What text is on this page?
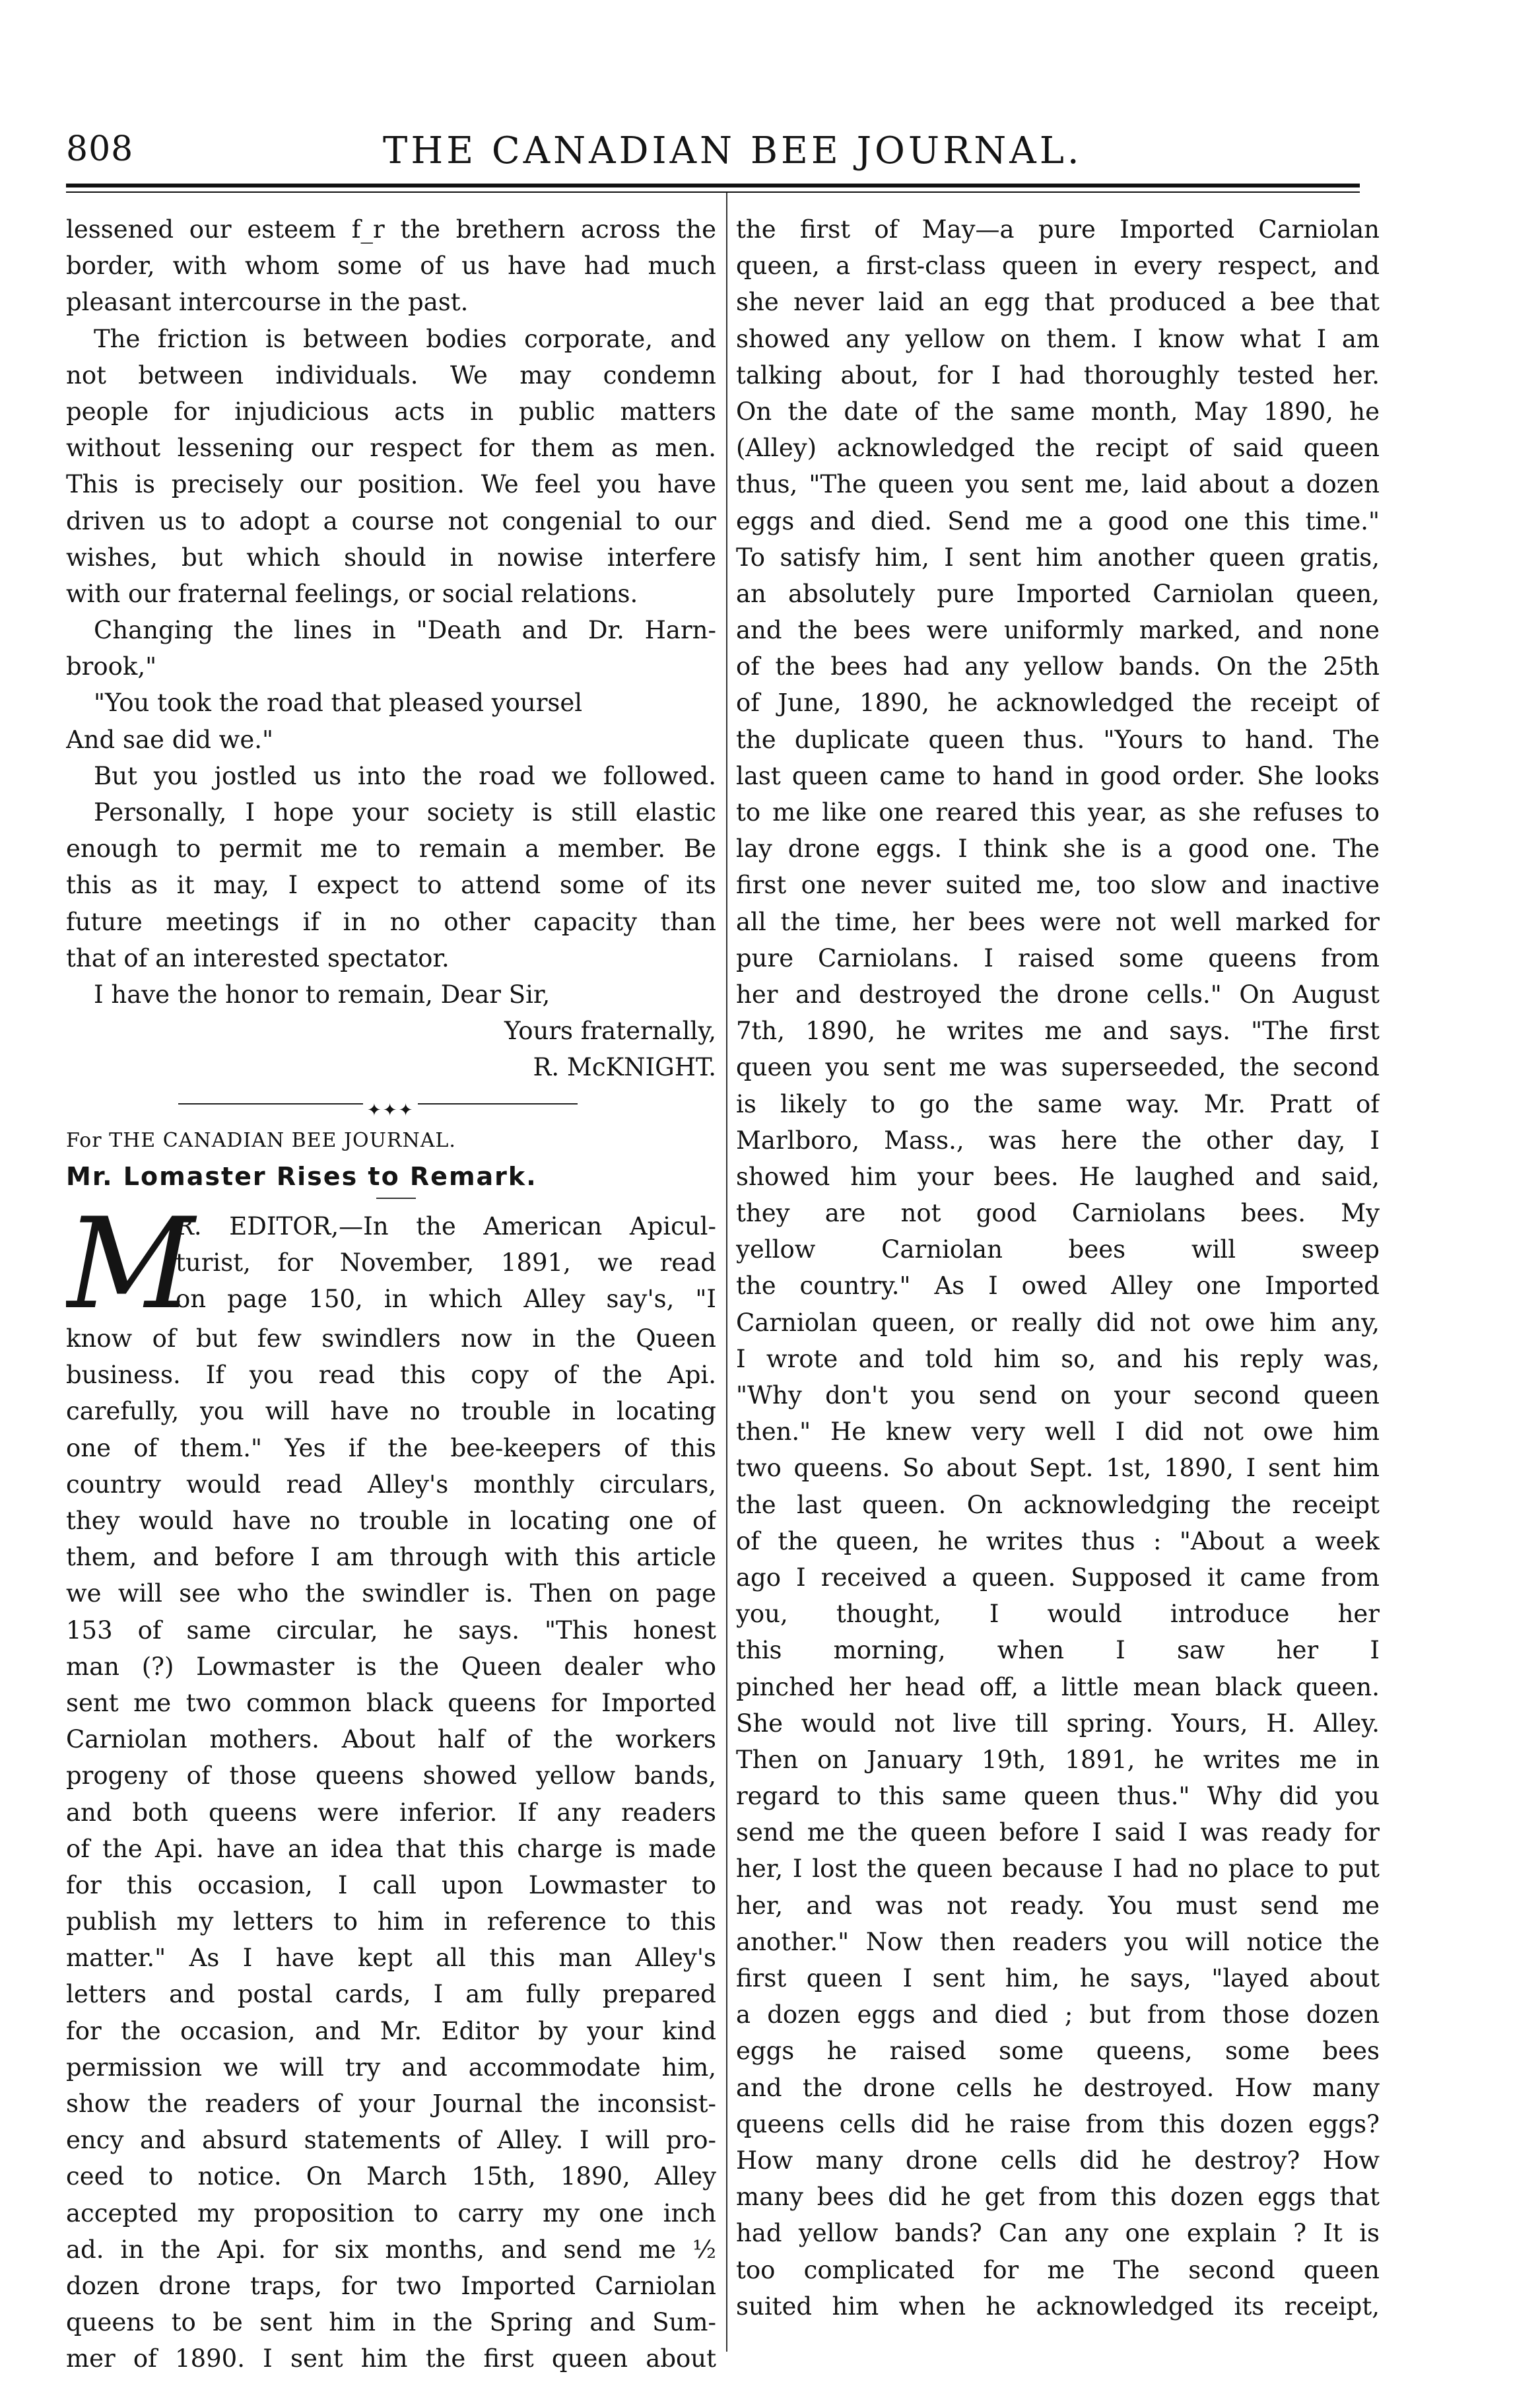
808	THE CANADIAN BEE JOURNAL.
lessened our esteem f_r the brethern across the
border, with whom some of us have had much
pleasant intercourse in the past.
The friction is between bodies corporate, and
not between individuals. We may condemn
people for injudicious acts in public matters
without lessening our respect for them as men.
This is precisely our position. We feel you have
driven us to adopt a course not congenial to our
wishes, but which should in nowise interfere
with our fraternal feelings, or social relations.
Changing the lines in "Death and Dr. Harn-
brook,"
"You took the road that pleased yoursel
And sae did we."
But you jostled us into the road we followed.
Personally, I hope your society is still elastic
enough to permit me to remain a member. Be
this as it may, I expect to attend some of its
future meetings if in no other capacity than
that of an interested spectator.
I have the honor to remain, Dear Sir,
Yours fraternally,
R. McKNIGHT.
✦✦✦
For THE CANADIAN BEE JOURNAL.
Mr. Lomaster Rises to Remark.
M
R. EDITOR,—In the American Apicul-
turist, for November, 1891, we read
on page 150, in which Alley say's, "I
know of but few swindlers now in the Queen
business. If you read this copy of the Api.
carefully, you will have no trouble in locating
one of them." Yes if the bee-keepers of this
country would read Alley's monthly circulars,
they would have no trouble in locating one of
them, and before I am through with this article
we will see who the swindler is. Then on page
153 of same circular, he says. "This honest
man (?) Lowmaster is the Queen dealer who
sent me two common black queens for Imported
Carniolan mothers. About half of the workers
progeny of those queens showed yellow bands,
and both queens were inferior. If any readers
of the Api. have an idea that this charge is made
for this occasion, I call upon Lowmaster to
publish my letters to him in reference to this
matter." As I have kept all this man Alley's
letters and postal cards, I am fully prepared
for the occasion, and Mr. Editor by your kind
permission we will try and accommodate him,
show the readers of your Journal the inconsist-
ency and absurd statements of Alley. I will pro-
ceed to notice. On March 15th, 1890, Alley
accepted my proposition to carry my one inch
ad. in the Api. for six months, and send me ½
dozen drone traps, for two Imported Carniolan
queens to be sent him in the Spring and Sum-
mer of 1890. I sent him the first queen about
the first of May—a pure Imported Carniolan
queen, a first-class queen in every respect, and
she never laid an egg that produced a bee that
showed any yellow on them. I know what I am
talking about, for I had thoroughly tested her.
On the date of the same month, May 1890, he
(Alley) acknowledged the recipt of said queen
thus, "The queen you sent me, laid about a dozen
eggs and died. Send me a good one this time."
To satisfy him, I sent him another queen gratis,
an absolutely pure Imported Carniolan queen,
and the bees were uniformly marked, and none
of the bees had any yellow bands. On the 25th
of June, 1890, he acknowledged the receipt of
the duplicate queen thus. "Yours to hand. The
last queen came to hand in good order. She looks
to me like one reared this year, as she refuses to
lay drone eggs. I think she is a good one. The
first one never suited me, too slow and inactive
all the time, her bees were not well marked for
pure Carniolans. I raised some queens from
her and destroyed the drone cells." On August
7th, 1890, he writes me and says. "The first
queen you sent me was superseeded, the second
is likely to go the same way. Mr. Pratt of
Marlboro, Mass., was here the other day, I
showed him your bees. He laughed and said,
they are not good Carniolans bees. My
yellow Carniolan bees will sweep
the country." As I owed Alley one Imported
Carniolan queen, or really did not owe him any,
I wrote and told him so, and his reply was,
"Why don't you send on your second queen
then." He knew very well I did not owe him
two queens. So about Sept. 1st, 1890, I sent him
the last queen. On acknowledging the receipt
of the queen, he writes thus : "About a week
ago I received a queen. Supposed it came from
you, thought, I would introduce her
this morning, when I saw her I
pinched her head off, a little mean black queen.
She would not live till spring. Yours, H. Alley.
Then on January 19th, 1891, he writes me in
regard to this same queen thus." Why did you
send me the queen before I said I was ready for
her, I lost the queen because I had no place to put
her, and was not ready. You must send me
another." Now then readers you will notice the
first queen I sent him, he says, "layed about
a dozen eggs and died ; but from those dozen
eggs he raised some queens, some bees
and the drone cells he destroyed. How many
queens cells did he raise from this dozen eggs?
How many drone cells did he destroy? How
many bees did he get from this dozen eggs that
had yellow bands? Can any one explain ? It is
too complicated for me The second queen
suited him when he acknowledged its receipt,
